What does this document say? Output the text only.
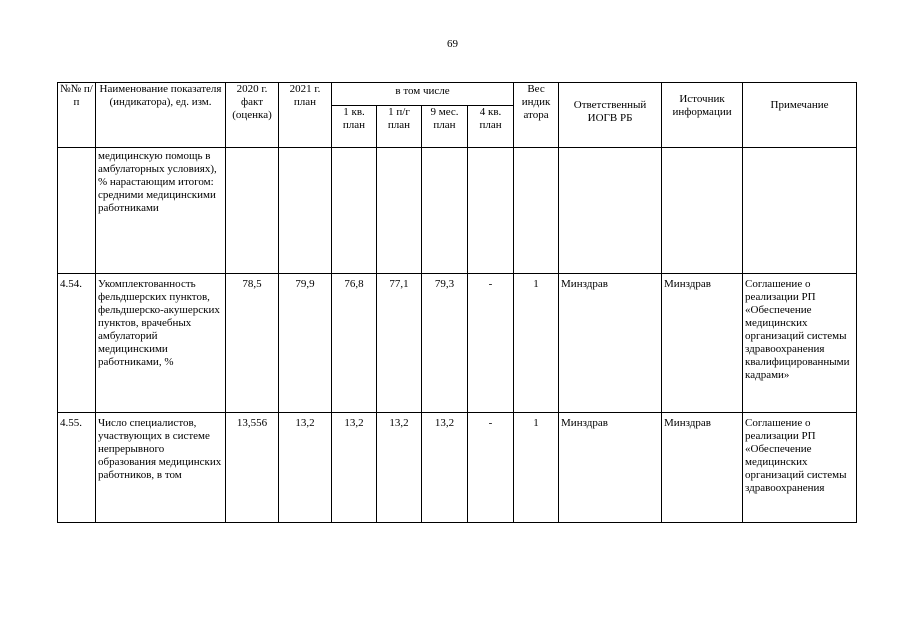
69
№№ п/п	Наименование показателя (индикатора), ед. изм.	2020 г. факт (оценка)	2021 г. план	в том числе				Вес индик атора	Ответственный ИОГВ РБ	Источник информации	Примечание
				1 кв. план	1 п/г план	9 мес. план	4 кв. план				
	медицинскую помощь в амбулаторных условиях), % нарастающим итогом: средними медицинскими работниками										
4.54.	Укомплектованность фельдшерских пунктов, фельдшерско-акушерских пунктов, врачебных амбулаторий медицинскими работниками, %	78,5	79,9	76,8	77,1	79,3	-	1	Минздрав	Минздрав	Соглашение о реализации РП «Обеспечение медицинских организаций системы здравоохранения квалифицированными кадрами»
4.55.	Число специалистов, участвующих в системе непрерывного образования медицинских работников, в том	13,556	13,2	13,2	13,2	13,2	-	1	Минздрав	Минздрав	Соглашение о реализации РП «Обеспечение медицинских организаций системы здравоохранения
